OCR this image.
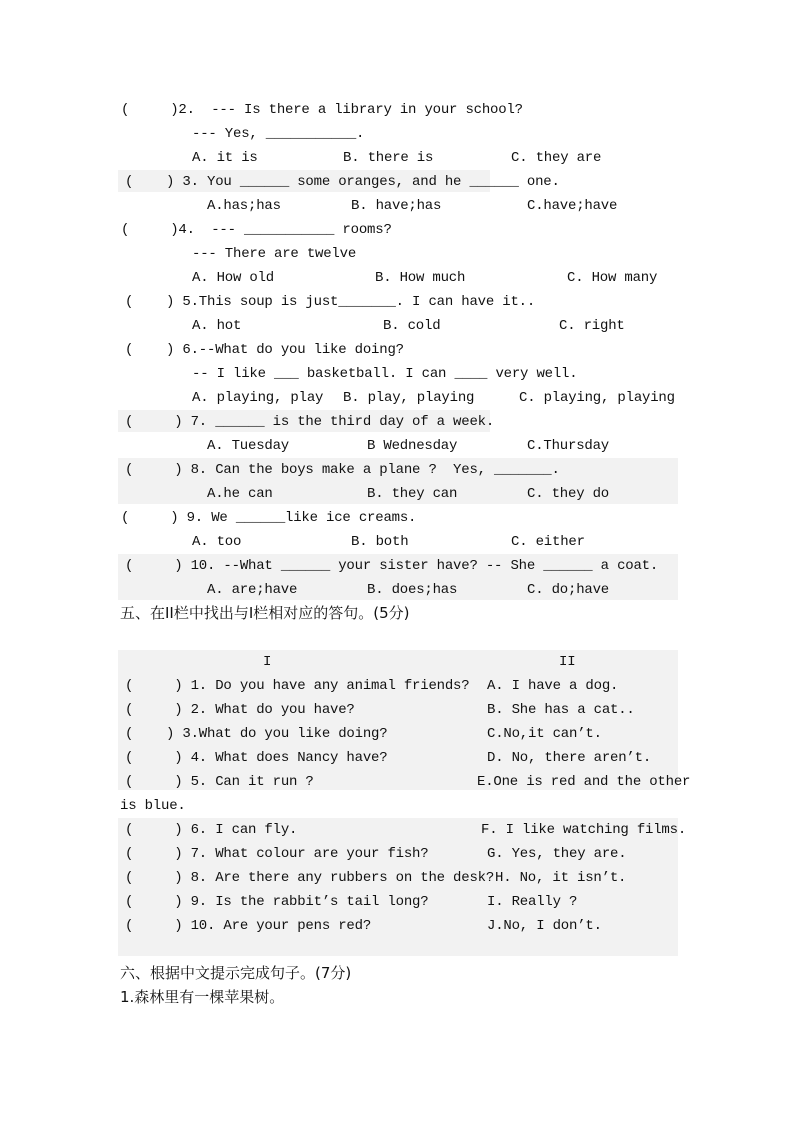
(     )2.  --- Is there a library in your school?
--- Yes, ___________.
A. it is	B. there is	C. they are
(    ) 3. You ______ some oranges, and he ______ one.
A.has;has	B. have;has	C.have;have
(     )4.  --- ___________ rooms?
--- There are twelve
A. How old	B. How much	C. How many
(    ) 5.This soup is just_______. I can have it..
A. hot	B. cold	C. right
(    ) 6.--What do you like doing?
-- I like ___ basketball. I can ____ very well.
A. playing, play B. play, playing	C. playing, playing
(     ) 7. ______ is the third day of a week.
A. Tuesday	B Wednesday	C.Thursday
(     ) 8. Can the boys make a plane ?  Yes, _______.
A.he can	B. they can	C. they do
(     ) 9. We ______like ice creams.
A. too	B. both	C. either
(     ) 10. --What ______ your sister have? -- She ______ a coat.
A. are;have	B. does;has	C. do;have
五、在II栏中找出与I栏相对应的答句。(5分)
I	II
(     ) 1. Do you have any animal friends? A. I have a dog.
(     ) 2. What do you have?	B. She has a cat..
(    ) 3.What do you like doing?	C.No,it can’t.
(     ) 4. What does Nancy have?	D. No, there aren’t.
(     ) 5. Can it run ?	E.One is red and the other
is blue.
(     ) 6. I can fly.	F. I like watching films.
(     ) 7. What colour are your fish?	G. Yes, they are.
(     ) 8. Are there any rubbers on the desk? H. No, it isn’t.
(     ) 9. Is the rabbit’s tail long?	I. Really ?
(     ) 10. Are your pens red?	J.No, I don’t.
六、根据中文提示完成句子。(7分)
1.森林里有一棵苹果树。
